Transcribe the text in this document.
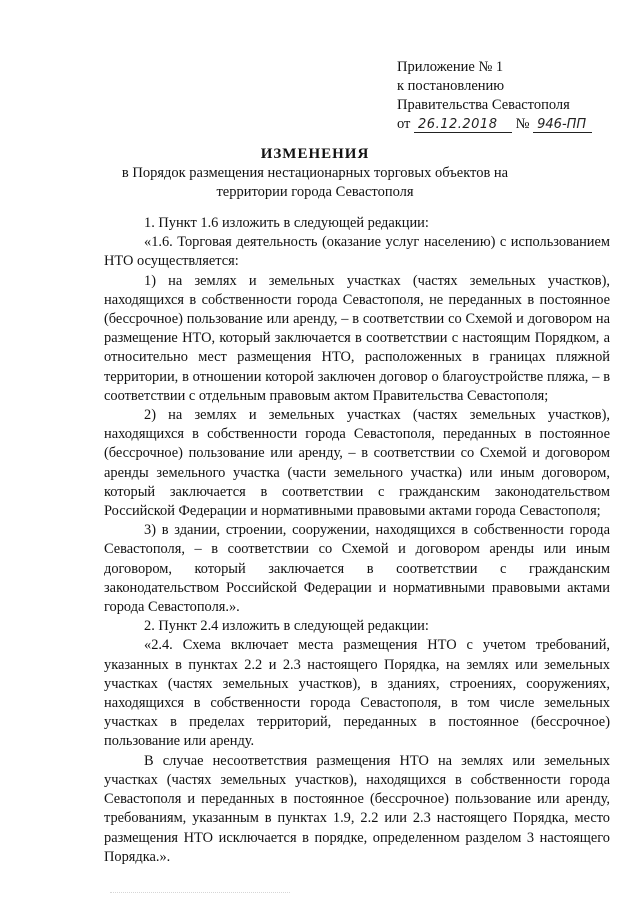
Приложение № 1
к постановлению
Правительства Севастополя
от 26.12.2018 № 946-ПП
ИЗМЕНЕНИЯ
в Порядок размещения нестационарных торговых объектов на территории города Севастополя

1. Пункт 1.6 изложить в следующей редакции:

«1.6. Торговая деятельность (оказание услуг населению) с использованием НТО осуществляется:

1) на землях и земельных участках (частях земельных участков), находящихся в собственности города Севастополя, не переданных в постоянное (бессрочное) пользование или аренду, – в соответствии со Схемой и договором на размещение НТО, который заключается в соответствии с настоящим Порядком, а относительно мест размещения НТО, расположенных в границах пляжной территории, в отношении которой заключен договор о благоустройстве пляжа, – в соответствии с отдельным правовым актом Правительства Севастополя;

2) на землях и земельных участках (частях земельных участков), находящихся в собственности города Севастополя, переданных в постоянное (бессрочное) пользование или аренду, – в соответствии со Схемой и договором аренды земельного участка (части земельного участка) или иным договором, который заключается в соответствии с гражданским законодательством Российской Федерации и нормативными правовыми актами города Севастополя;

3) в здании, строении, сооружении, находящихся в собственности города Севастополя, – в соответствии со Схемой и договором аренды или иным договором, который заключается в соответствии с гражданским законодательством Российской Федерации и нормативными правовыми актами города Севастополя.».

2. Пункт 2.4 изложить в следующей редакции:

«2.4. Схема включает места размещения НТО с учетом требований, указанных в пунктах 2.2 и 2.3 настоящего Порядка, на землях или земельных участках (частях земельных участков), в зданиях, строениях, сооружениях, находящихся в собственности города Севастополя, в том числе земельных участках в пределах территорий, переданных в постоянное (бессрочное) пользование или аренду.

В случае несоответствия размещения НТО на землях или земельных участках (частях земельных участков), находящихся в собственности города Севастополя и переданных в постоянное (бессрочное) пользование или аренду, требованиям, указанным в пунктах 1.9, 2.2 или 2.3 настоящего Порядка, место размещения НТО исключается в порядке, определенном разделом 3 настоящего Порядка.».
